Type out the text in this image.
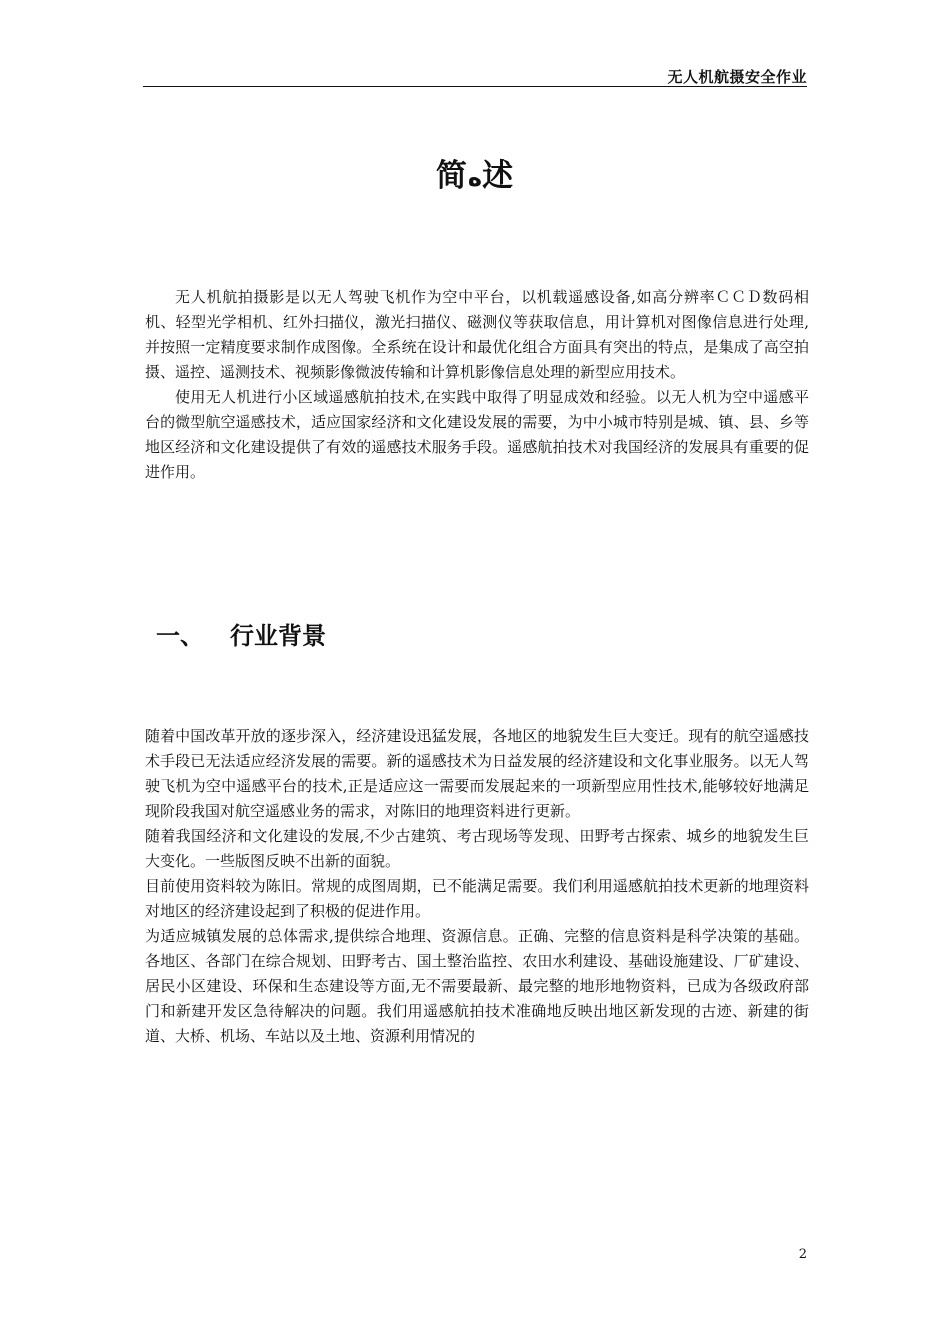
无人机航摄安全作业
简ﻩ述

无人机航拍摄影是以无人驾驶飞机作为空中平台，以机载遥感设备,如高分辨率ＣＣＤ数码相机、轻型光学相机、红外扫描仪，激光扫描仪、磁测仪等获取信息，用计算机对图像信息进行处理,并按照一定精度要求制作成图像。全系统在设计和最优化组合方面具有突出的特点，是集成了高空拍摄、遥控、遥测技术、视频影像微波传输和计算机影像信息处理的新型应用技术。

使用无人机进行小区域遥感航拍技术,在实践中取得了明显成效和经验。以无人机为空中遥感平台的微型航空遥感技术，适应国家经济和文化建设发展的需要，为中小城市特别是城、镇、县、乡等地区经济和文化建设提供了有效的遥感技术服务手段。遥感航拍技术对我国经济的发展具有重要的促进作用。

一、 行业背景

随着中国改革开放的逐步深入，经济建设迅猛发展，各地区的地貌发生巨大变迁。现有的航空遥感技术手段已无法适应经济发展的需要。新的遥感技术为日益发展的经济建设和文化事业服务。以无人驾驶飞机为空中遥感平台的技术,正是适应这一需要而发展起来的一项新型应用性技术,能够较好地满足现阶段我国对航空遥感业务的需求，对陈旧的地理资料进行更新。

随着我国经济和文化建设的发展,不少古建筑、考古现场等发现、田野考古探索、城乡的地貌发生巨大变化。一些版图反映不出新的面貌。

目前使用资料较为陈旧。常规的成图周期，已不能满足需要。我们利用遥感航拍技术更新的地理资料对地区的经济建设起到了积极的促进作用。

为适应城镇发展的总体需求,提供综合地理、资源信息。正确、完整的信息资料是科学决策的基础。各地区、各部门在综合规划、田野考古、国土整治监控、农田水利建设、基础设施建设、厂矿建设、居民小区建设、环保和生态建设等方面,无不需要最新、最完整的地形地物资料，已成为各级政府部门和新建开发区急待解决的问题。我们用遥感航拍技术准确地反映出地区新发现的古迹、新建的街道、大桥、机场、车站以及土地、资源利用情况的

2
